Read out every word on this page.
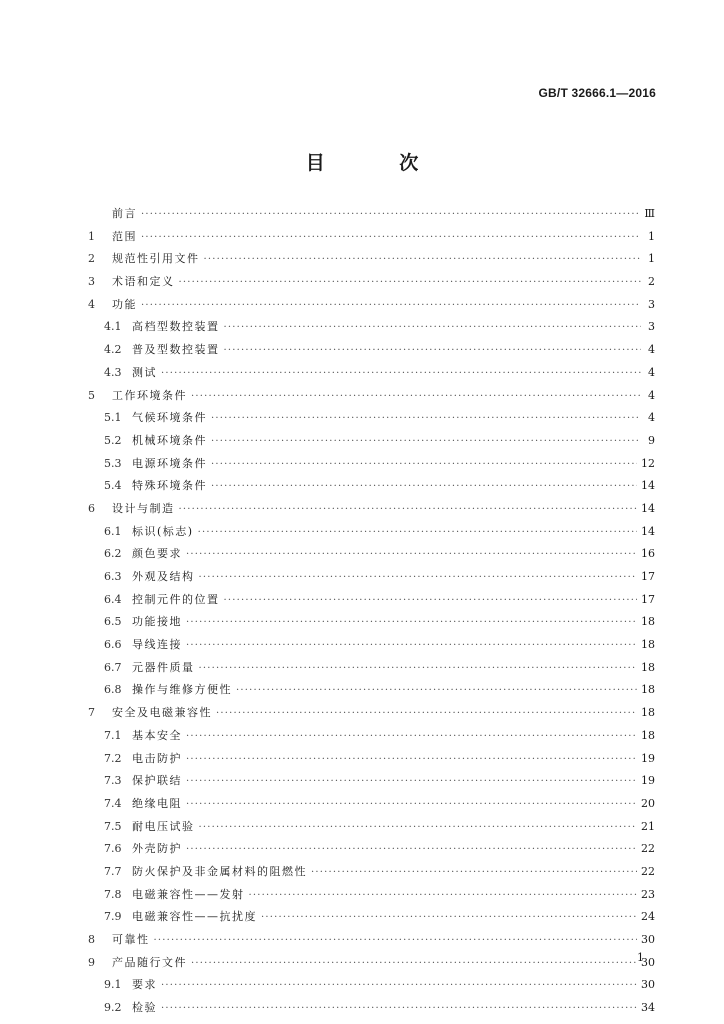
GB/T 32666.1—2016
目 次
前言 ·····	Ⅲ
1	范围 ·····	1
2	规范性引用文件 ·····	1
3	术语和定义 ·····	2
4	功能 ·····	3
4.1 高档型数控装置 ·····	3
4.2 普及型数控装置 ·····	4
4.3 测试 ·····	4
5	工作环境条件 ·····	4
5.1 气候环境条件 ·····	4
5.2 机械环境条件 ·····	9
5.3 电源环境条件 ·····	12
5.4 特殊环境条件 ·····	14
6	设计与制造 ·····	14
6.1 标识(标志) ·····	14
6.2 颜色要求 ·····	16
6.3 外观及结构 ·····	17
6.4 控制元件的位置 ·····	17
6.5 功能接地 ·····	18
6.6 导线连接 ·····	18
6.7 元器件质量 ·····	18
6.8 操作与维修方便性 ·····	18
7	安全及电磁兼容性 ·····	18
7.1 基本安全 ·····	18
7.2 电击防护 ·····	19
7.3 保护联结 ·····	19
7.4 绝缘电阻 ·····	20
7.5 耐电压试验 ·····	21
7.6 外壳防护 ·····	22
7.7 防火保护及非金属材料的阻燃性 ·····	22
7.8 电磁兼容性——发射 ·····	23
7.9 电磁兼容性——抗扰度 ·····	24
8	可靠性 ·····	30
9	产品随行文件 ·····	30
9.1 要求 ·····	30
9.2 检验 ·····	34
1
